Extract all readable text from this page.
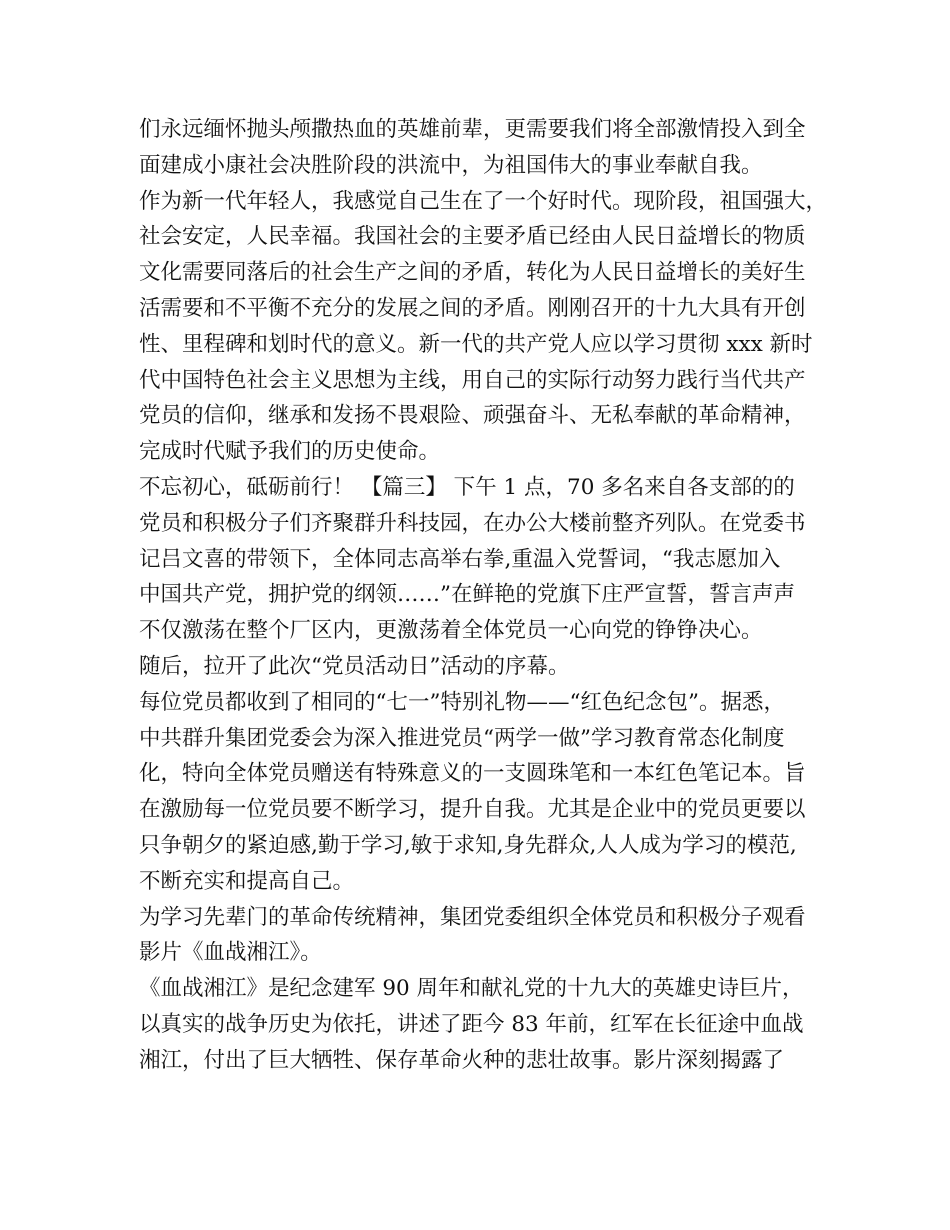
们永远缅怀抛头颅撒热血的英雄前辈，更需要我们将全部激情投入到全
面建成小康社会决胜阶段的洪流中，为祖国伟大的事业奉献自我。
作为新一代年轻人，我感觉自己生在了一个好时代。现阶段，祖国强大，
社会安定，人民幸福。我国社会的主要矛盾已经由人民日益增长的物质
文化需要同落后的社会生产之间的矛盾，转化为人民日益增长的美好生
活需要和不平衡不充分的发展之间的矛盾。刚刚召开的十九大具有开创
性、里程碑和划时代的意义。新一代的共产党人应以学习贯彻 xxx 新时
代中国特色社会主义思想为主线，用自己的实际行动努力践行当代共产
党员的信仰，继承和发扬不畏艰险、顽强奋斗、无私奉献的革命精神，
完成时代赋予我们的历史使命。
不忘初心，砥砺前行！ 【篇三】 下午 1 点，70 多名来自各支部的的
党员和积极分子们齐聚群升科技园，在办公大楼前整齐列队。在党委书
记吕文喜的带领下，全体同志高举右拳,重温入党誓词，“我志愿加入
中国共产党，拥护党的纲领……”在鲜艳的党旗下庄严宣誓，誓言声声
不仅激荡在整个厂区内，更激荡着全体党员一心向党的铮铮决心。
随后，拉开了此次“党员活动日”活动的序幕。
每位党员都收到了相同的“七一”特别礼物——“红色纪念包”。据悉，
中共群升集团党委会为深入推进党员“两学一做”学习教育常态化制度
化，特向全体党员赠送有特殊意义的一支圆珠笔和一本红色笔记本。旨
在激励每一位党员要不断学习，提升自我。尤其是企业中的党员更要以
只争朝夕的紧迫感,勤于学习,敏于求知,身先群众,人人成为学习的模范,
不断充实和提高自己。
为学习先辈门的革命传统精神，集团党委组织全体党员和积极分子观看
影片《血战湘江》。
《血战湘江》是纪念建军 90 周年和献礼党的十九大的英雄史诗巨片，
以真实的战争历史为依托，讲述了距今 83 年前，红军在长征途中血战
湘江，付出了巨大牺牲、保存革命火种的悲壮故事。影片深刻揭露了
